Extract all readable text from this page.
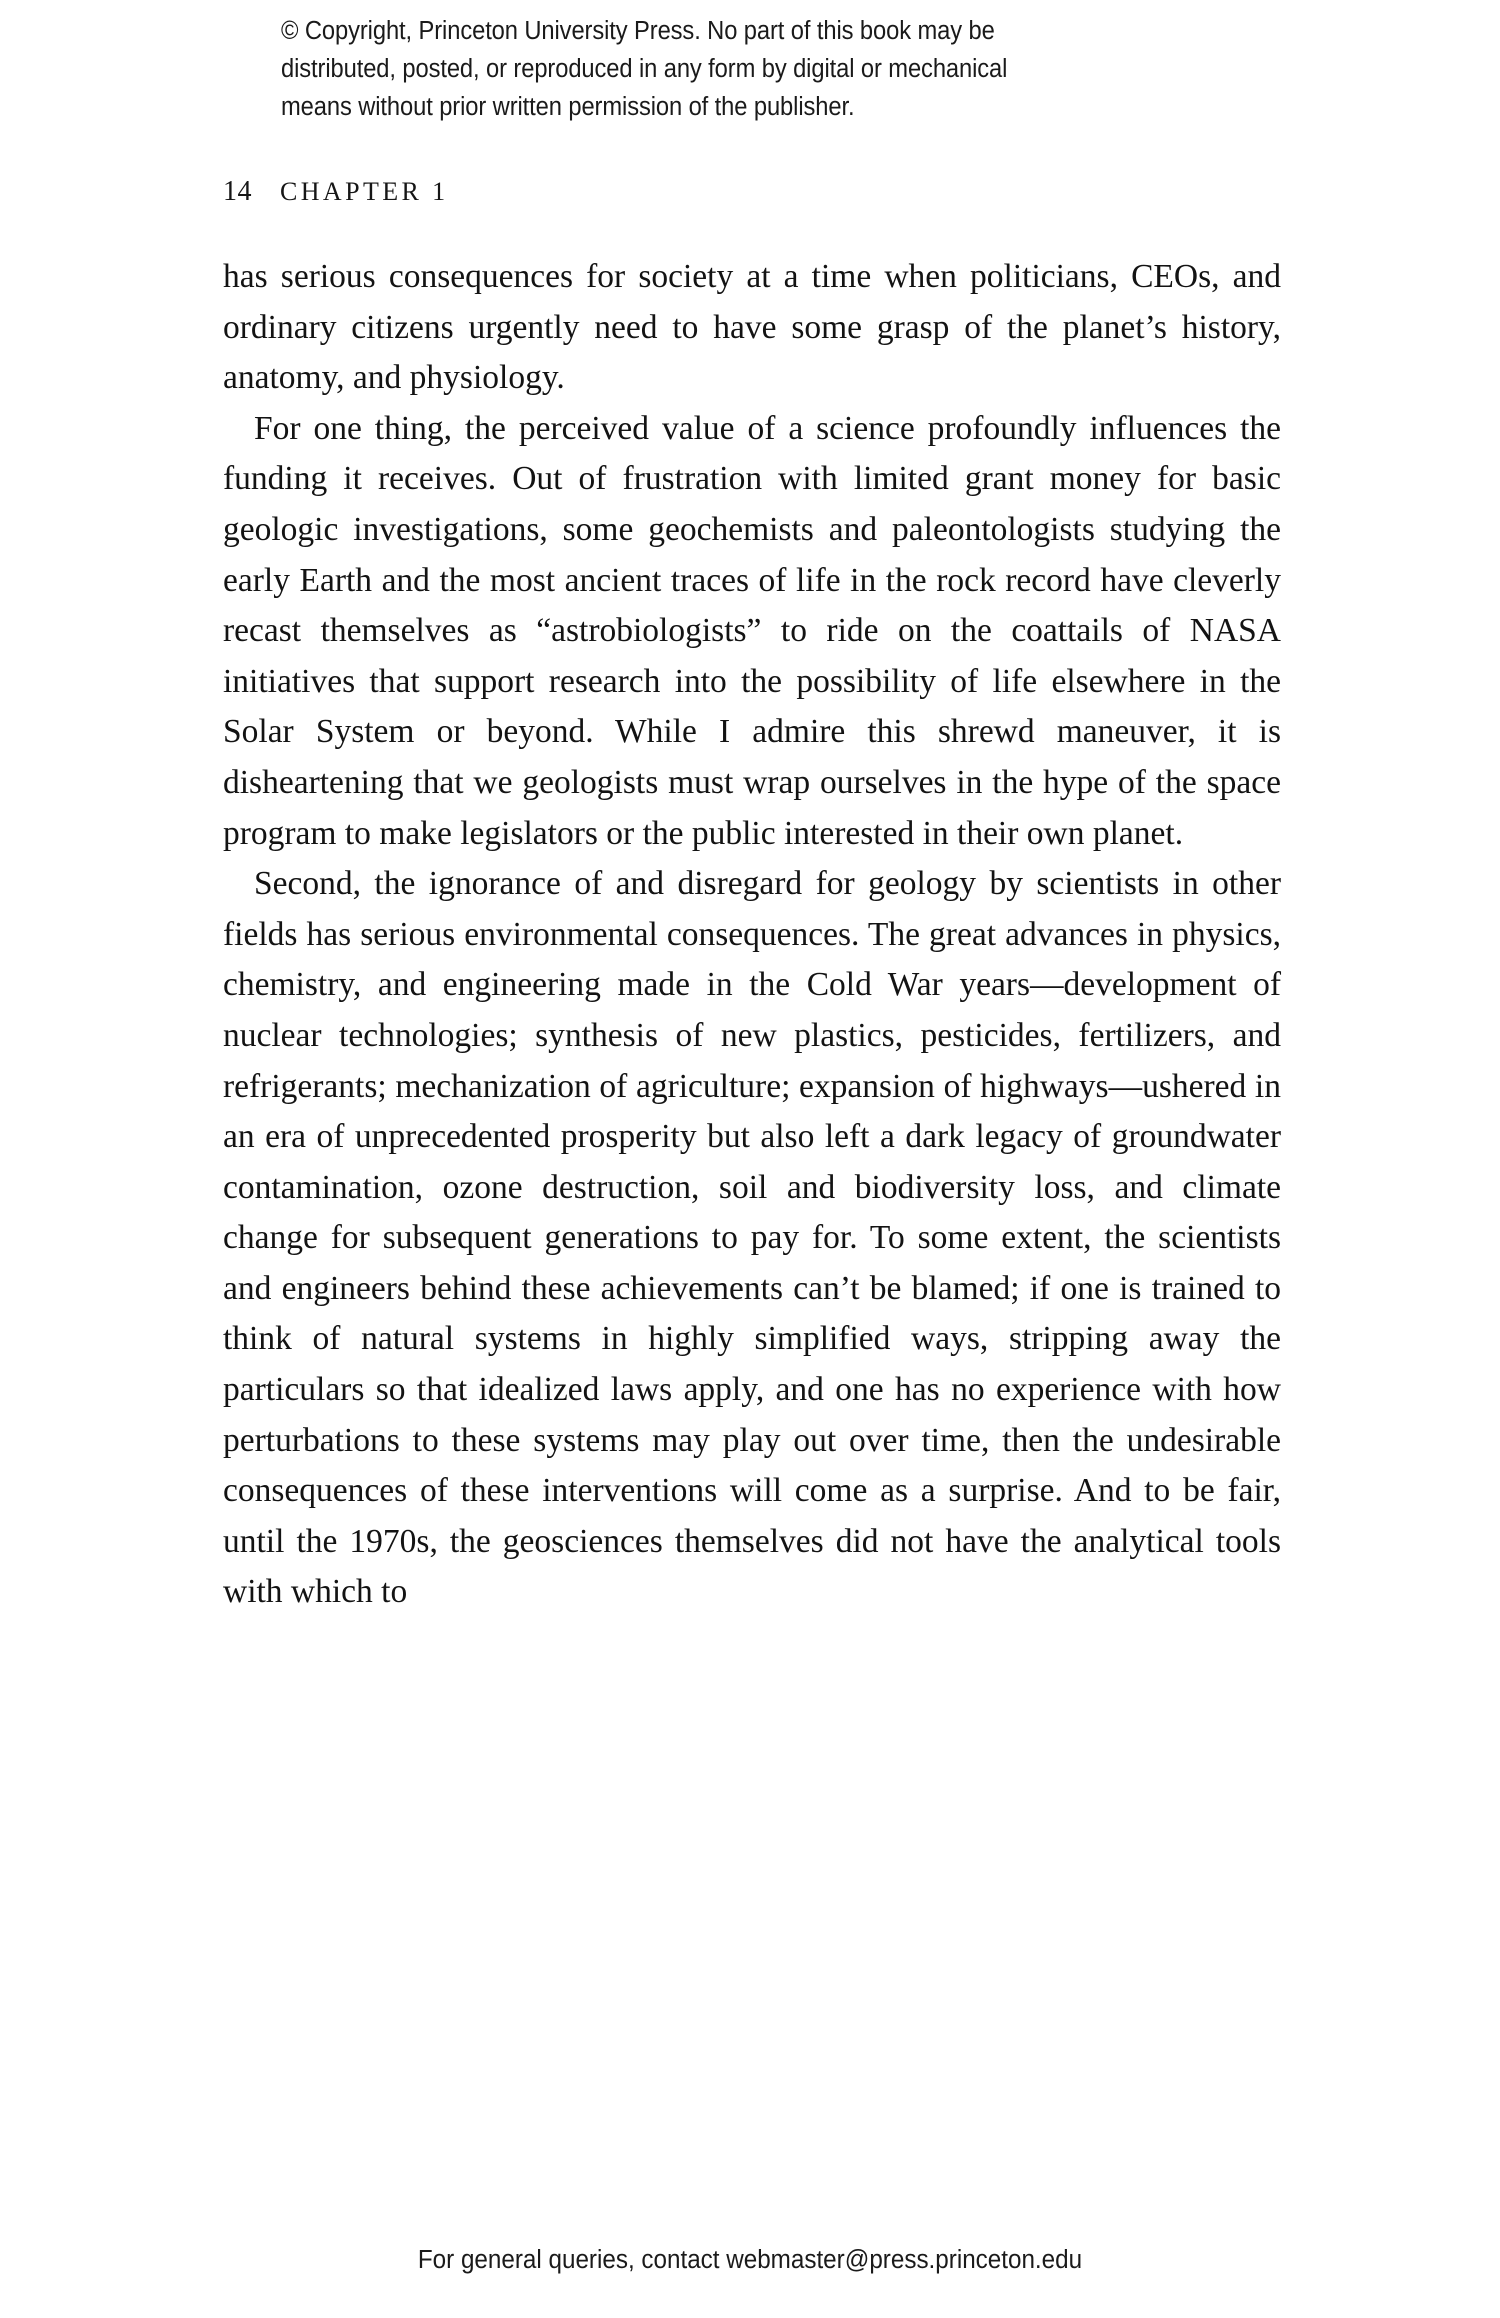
© Copyright, Princeton University Press. No part of this book may be
distributed, posted, or reproduced in any form by digital or mechanical
means without prior written permission of the publisher.
14 CHAPTER 1

has serious consequences for society at a time when politicians, CEOs, and ordinary citizens urgently need to have some grasp of the planet’s history, anatomy, and physiology.

For one thing, the perceived value of a science profoundly influences the funding it receives. Out of frustration with limited grant money for basic geologic investigations, some geochemists and paleontologists studying the early Earth and the most ancient traces of life in the rock record have cleverly recast themselves as “astrobiologists” to ride on the coattails of NASA initiatives that support research into the possibility of life elsewhere in the Solar System or beyond. While I admire this shrewd maneuver, it is disheartening that we geologists must wrap ourselves in the hype of the space program to make legislators or the public interested in their own planet.

Second, the ignorance of and disregard for geology by scientists in other fields has serious environmental consequences. The great advances in physics, chemistry, and engineering made in the Cold War years—development of nuclear technologies; synthesis of new plastics, pesticides, fertilizers, and refrigerants; mechanization of agriculture; expansion of highways—ushered in an era of unprecedented prosperity but also left a dark legacy of groundwater contamination, ozone destruction, soil and biodiversity loss, and climate change for subsequent generations to pay for. To some extent, the scientists and engineers behind these achievements can’t be blamed; if one is trained to think of natural systems in highly simplified ways, stripping away the particulars so that idealized laws apply, and one has no experience with how perturbations to these systems may play out over time, then the undesirable consequences of these interventions will come as a surprise. And to be fair, until the 1970s, the geosciences themselves did not have the analytical tools with which to

For general queries, contact webmaster@press.princeton.edu
